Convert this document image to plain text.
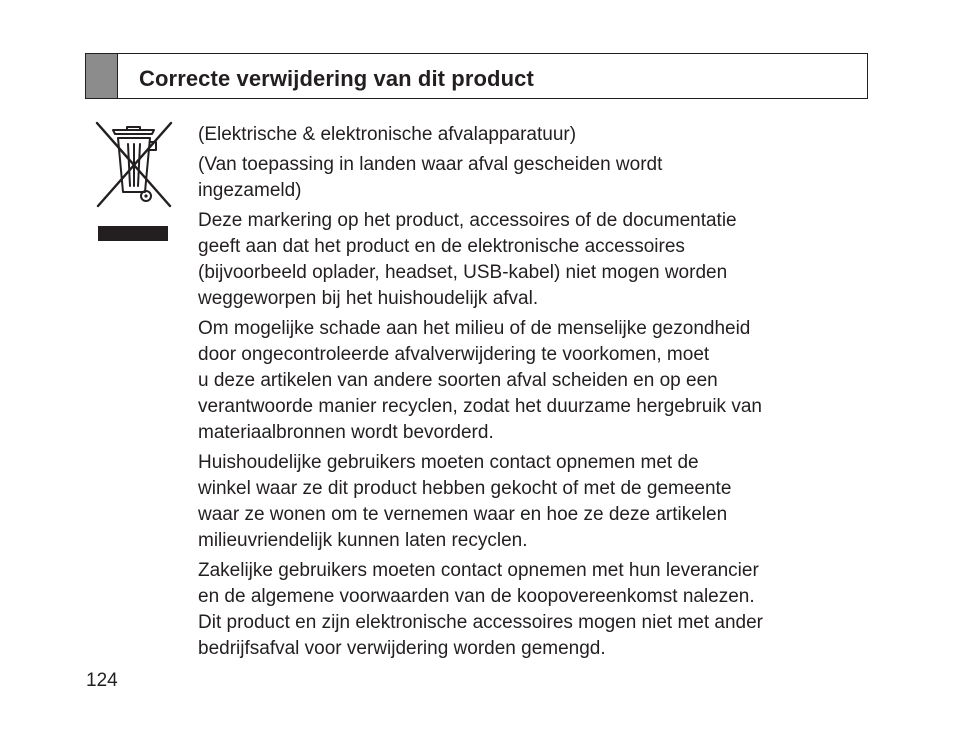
Correcte verwijdering van dit product
(Elektrische & elektronische afvalapparatuur)
(Van toepassing in landen waar afval gescheiden wordt
ingezameld)
Deze markering op het product, accessoires of de documentatie
geeft aan dat het product en de elektronische accessoires
(bijvoorbeeld oplader, headset, USB-kabel) niet mogen worden
weggeworpen bij het huishoudelijk afval.
Om mogelijke schade aan het milieu of de menselijke gezondheid
door ongecontroleerde afvalverwijdering te voorkomen, moet
u deze artikelen van andere soorten afval scheiden en op een
verantwoorde manier recyclen, zodat het duurzame hergebruik van
materiaalbronnen wordt bevorderd.
Huishoudelijke gebruikers moeten contact opnemen met de
winkel waar ze dit product hebben gekocht of met de gemeente
waar ze wonen om te vernemen waar en hoe ze deze artikelen
milieuvriendelijk kunnen laten recyclen.
Zakelijke gebruikers moeten contact opnemen met hun leverancier
en de algemene voorwaarden van de koopovereenkomst nalezen.
Dit product en zijn elektronische accessoires mogen niet met ander
bedrijfsafval voor verwijdering worden gemengd.
124
